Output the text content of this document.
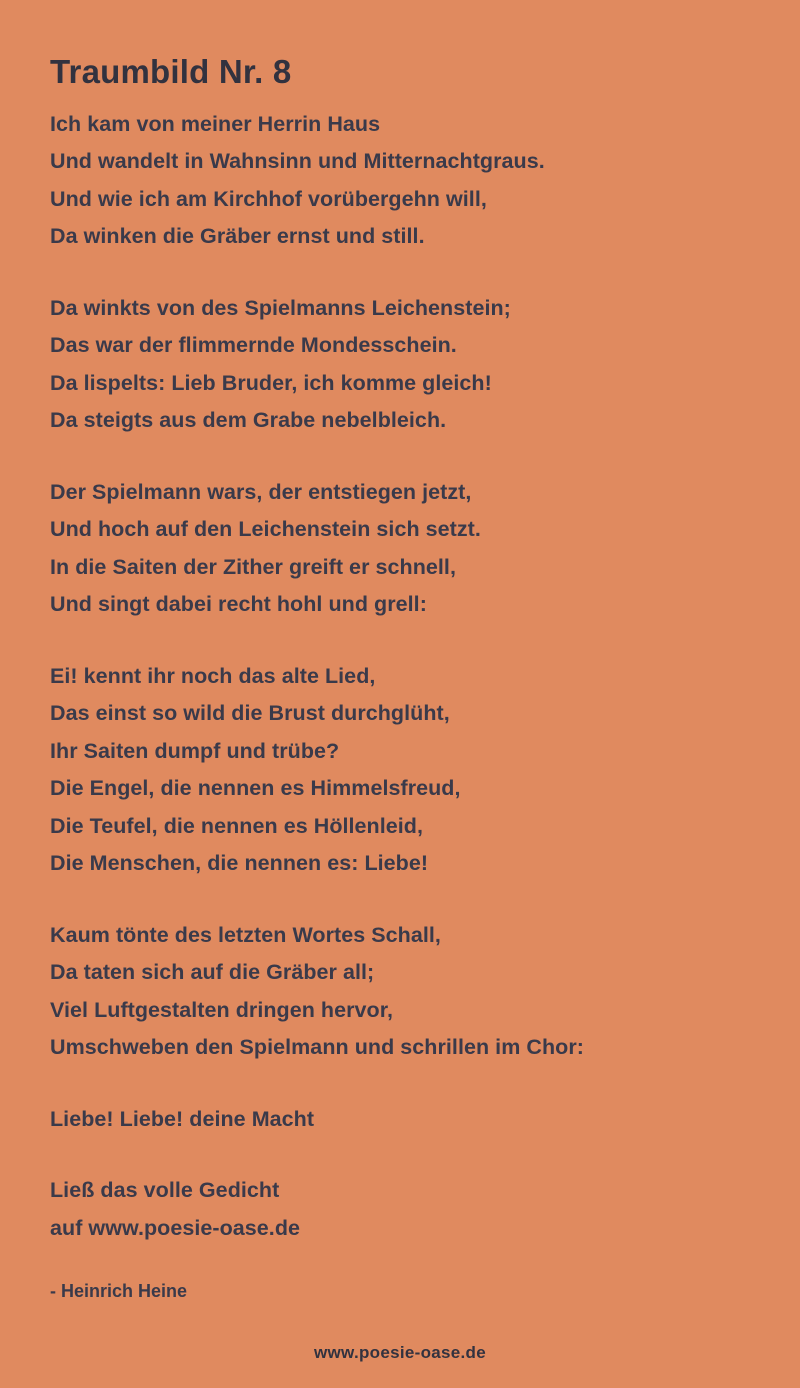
Traumbild Nr. 8
Ich kam von meiner Herrin Haus
Und wandelt in Wahnsinn und Mitternachtgraus.
Und wie ich am Kirchhof vorübergehn will,
Da winken die Gräber ernst und still.
Da winkts von des Spielmanns Leichenstein;
Das war der flimmernde Mondesschein.
Da lispelts: Lieb Bruder, ich komme gleich!
Da steigts aus dem Grabe nebelbleich.
Der Spielmann wars, der entstiegen jetzt,
Und hoch auf den Leichenstein sich setzt.
In die Saiten der Zither greift er schnell,
Und singt dabei recht hohl und grell:
Ei! kennt ihr noch das alte Lied,
Das einst so wild die Brust durchglüht,
Ihr Saiten dumpf und trübe?
Die Engel, die nennen es Himmelsfreud,
Die Teufel, die nennen es Höllenleid,
Die Menschen, die nennen es: Liebe!
Kaum tönte des letzten Wortes Schall,
Da taten sich auf die Gräber all;
Viel Luftgestalten dringen hervor,
Umschweben den Spielmann und schrillen im Chor:
Liebe! Liebe! deine Macht
Ließ das volle Gedicht
auf www.poesie-oase.de
- Heinrich Heine
www.poesie-oase.de
